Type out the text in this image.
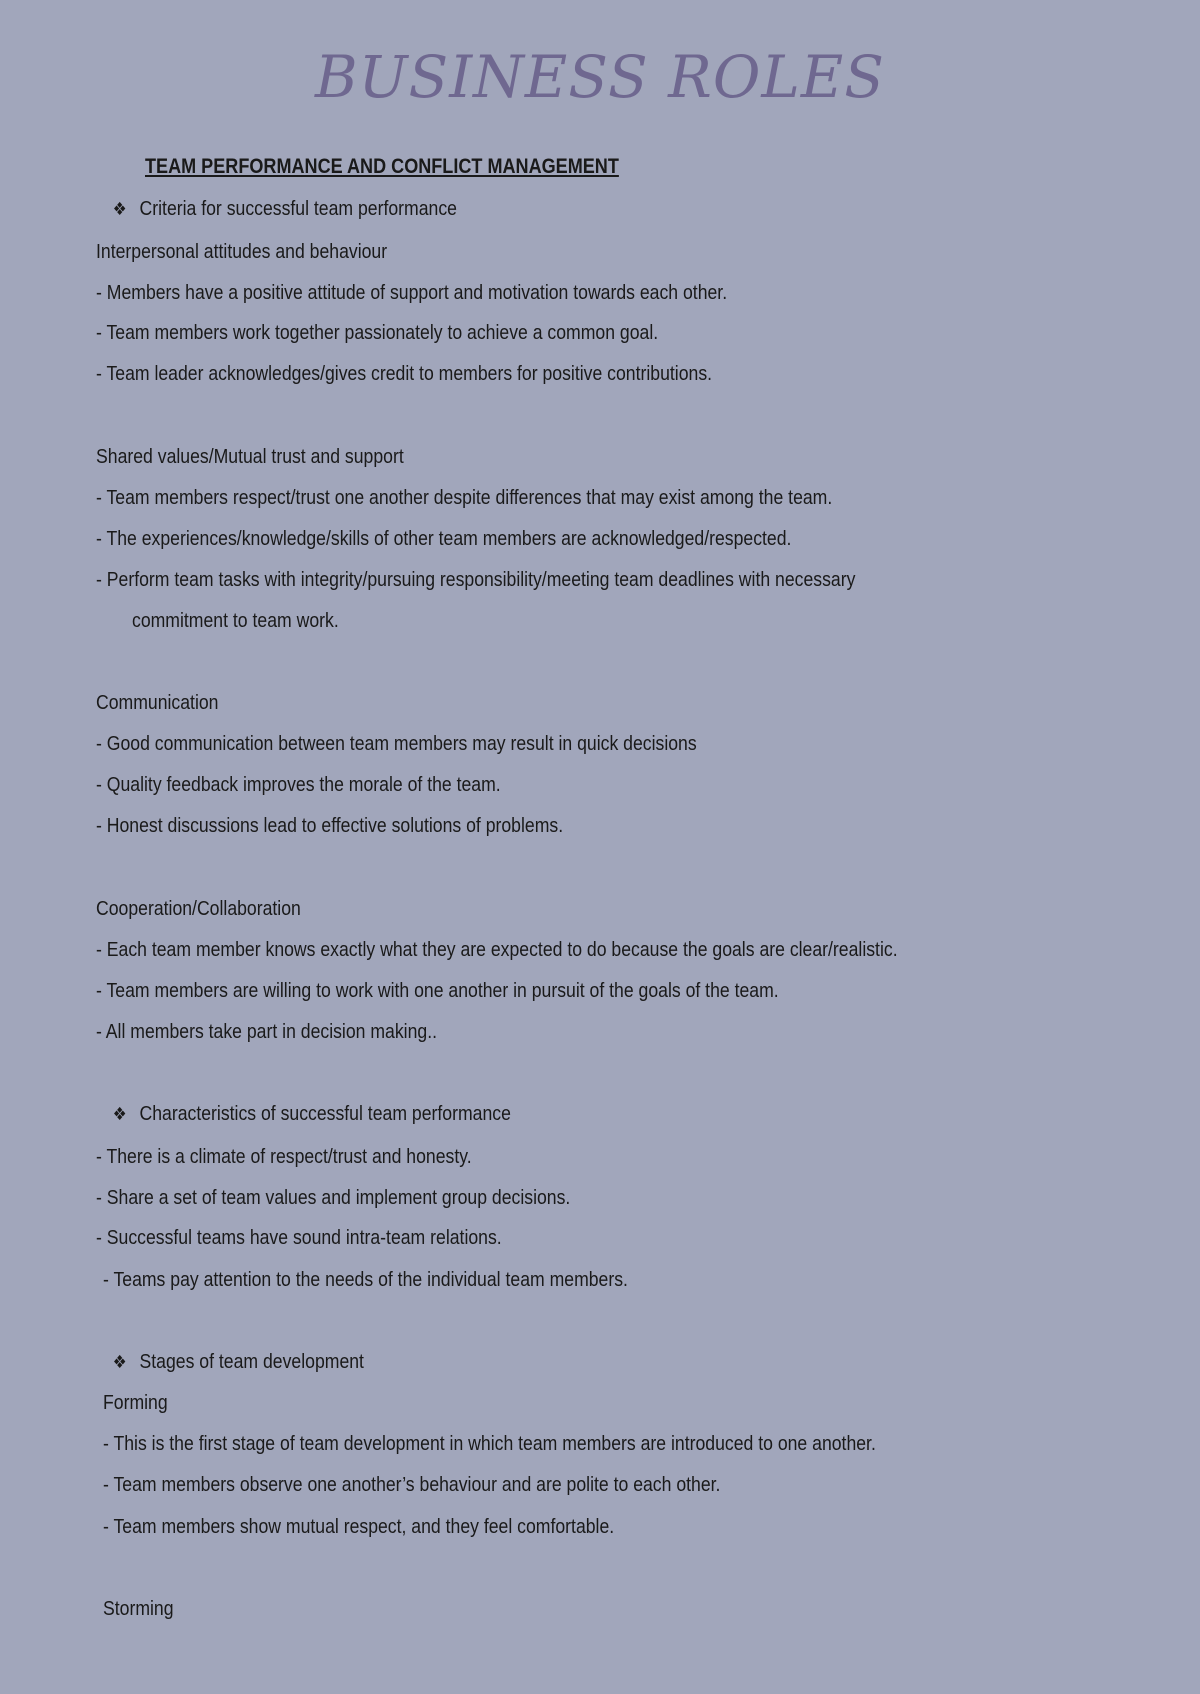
BUSINESS ROLES
TEAM PERFORMANCE AND CONFLICT MANAGEMENT
❖ Criteria for successful team performance
Interpersonal attitudes and behaviour
- Members have a positive attitude of support and motivation towards each other.
- Team members work together passionately to achieve a common goal.
- Team leader acknowledges/gives credit to members for positive contributions.
Shared values/Mutual trust and support
- Team members respect/trust one another despite differences that may exist among the team.
- The experiences/knowledge/skills of other team members are acknowledged/respected.
- Perform team tasks with integrity/pursuing responsibility/meeting team deadlines with necessary
commitment to team work.
Communication
- Good communication between team members may result in quick decisions
- Quality feedback improves the morale of the team.
- Honest discussions lead to effective solutions of problems.
Cooperation/Collaboration
- Each team member knows exactly what they are expected to do because the goals are clear/realistic.
- Team members are willing to work with one another in pursuit of the goals of the team.
- All members take part in decision making..
❖ Characteristics of successful team performance
- There is a climate of respect/trust and honesty.
- Share a set of team values and implement group decisions.
- Successful teams have sound intra-team relations.
- Teams pay attention to the needs of the individual team members.
❖ Stages of team development
Forming
- This is the first stage of team development in which team members are introduced to one another.
- Team members observe one another’s behaviour and are polite to each other.
- Team members show mutual respect, and they feel comfortable.
Storming
